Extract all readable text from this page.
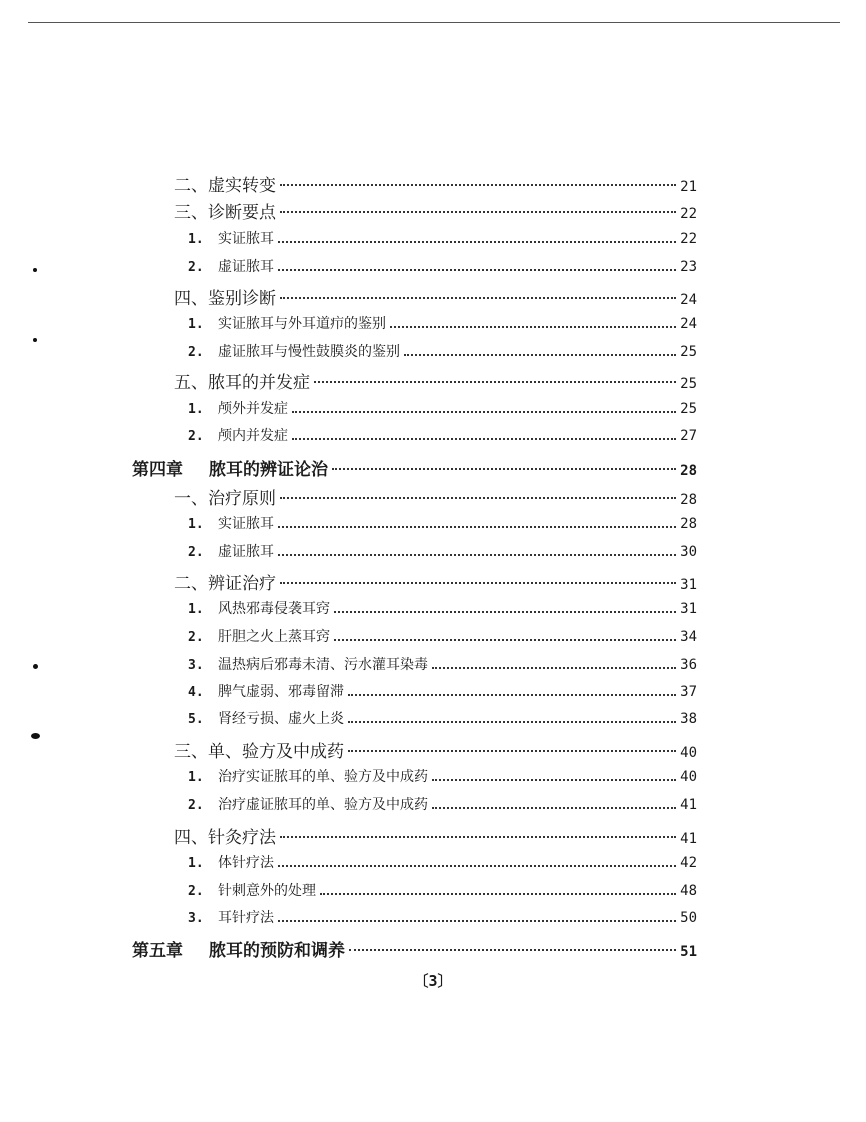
二、 虚实转变	21
三、 诊断要点	22
1.	实证脓耳	22
2.	虚证脓耳	23
四、 鉴别诊断	24
1.	实证脓耳与外耳道疖的鉴别	24
2.	虚证脓耳与慢性鼓膜炎的鉴别	25
五、 脓耳的并发症	25
1.	颅外并发症	25
2.	颅内并发症	27
第四章 脓耳的辨证论治	28
一、 治疗原则	28
1.	实证脓耳	28
2.	虚证脓耳	30
二、 辨证治疗	31
1.	风热邪毒侵袭耳窍	31
2.	肝胆之火上蒸耳窍	34
3.	温热病后邪毒未清、污水灌耳染毒	36
4.	脾气虚弱、邪毒留滞	37
5.	肾经亏损、虚火上炎	38
三、 单、验方及中成药	40
1.	治疗实证脓耳的单、验方及中成药	40
2.	治疗虚证脓耳的单、验方及中成药	41
四、 针灸疗法	41
1.	体针疗法	42
2.	针刺意外的处理	48
3.	耳针疗法	50
第五章 脓耳的预防和调养	51
〔3〕
